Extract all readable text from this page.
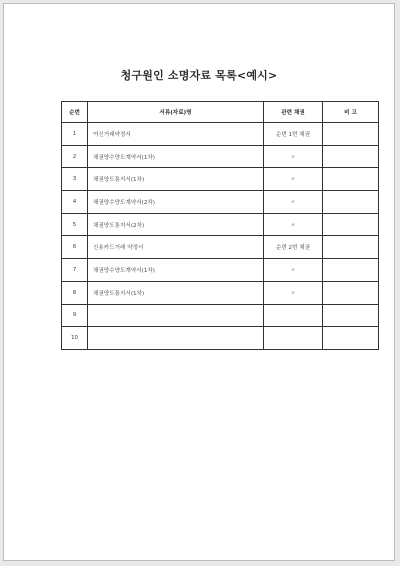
청구원인 소명자료 목록<예시>
순번	서류(자료)명	관련 채권	비 고
1	여신거래약정서	순번 1번 채권	
2	채권양수양도계약서(1차)	〃	
3	채권양도통지서(1차)	〃	
4	채권양수양도계약서(2차)	〃	
5	채권양도통지서(2차)	〃	
6	신용카드거래 약정서	순번 2번 채권	
7	채권양수양도계약서(1차)	〃	
8	채권양도통지서(1차)	〃	
9			
10			
